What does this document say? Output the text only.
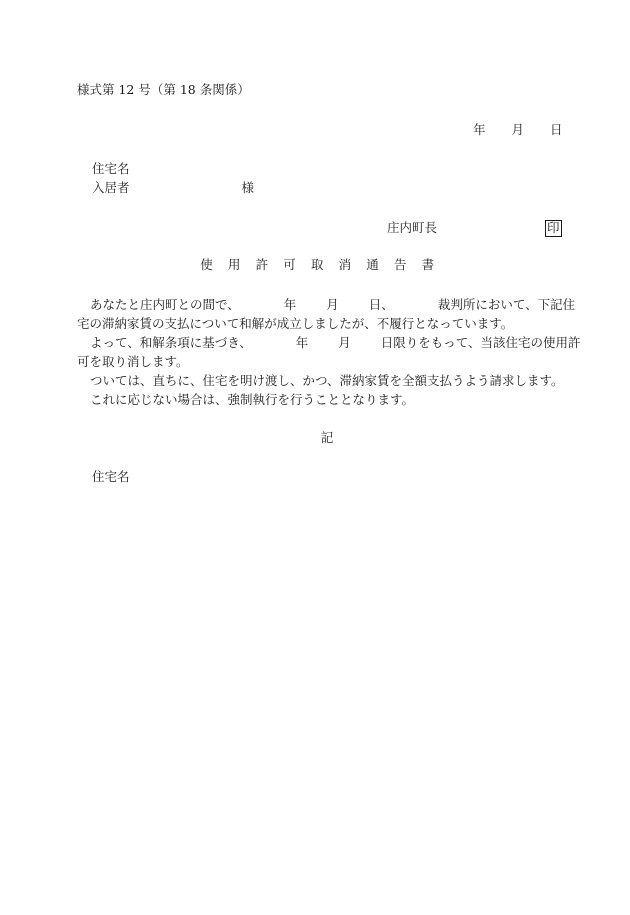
様式第 12 号（第 18 条関係）
年 月 日
住宅名
入居者	様
庄内町長	印
使 用 許 可 取 消 通 告 書
あなたと庄内町との間で、	年 月 日、	裁判所において、下記住
宅の滞納家賃の支払について和解が成立しましたが、不履行となっています。
よって、和解条項に基づき、	年 月 日限りをもって、当該住宅の使用許
可を取り消します。
ついては、直ちに、住宅を明け渡し、かつ、滞納家賃を全額支払うよう請求します。
これに応じない場合は、強制執行を行うこととなります。
記
住宅名
